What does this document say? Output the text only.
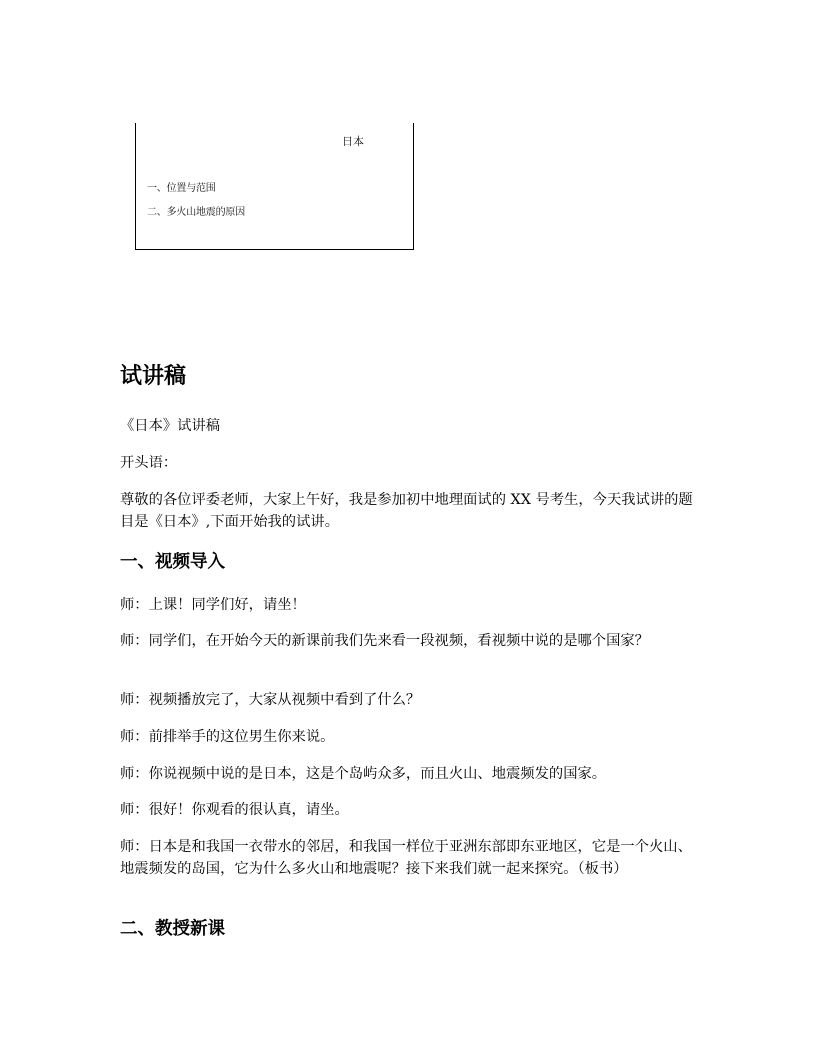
日本
一、位置与范围
二、多火山地震的原因
试讲稿

《日本》试讲稿

开头语：

尊敬的各位评委老师，大家上午好，我是参加初中地理面试的 XX 号考生，今天我试讲的题目是《日本》,下面开始我的试讲。

一、视频导入

师：上课！同学们好，请坐！

师：同学们，在开始今天的新课前我们先来看一段视频，看视频中说的是哪个国家？

师：视频播放完了，大家从视频中看到了什么？

师：前排举手的这位男生你来说。

师：你说视频中说的是日本，这是个岛屿众多，而且火山、地震频发的国家。

师：很好！你观看的很认真，请坐。

师：日本是和我国一衣带水的邻居，和我国一样位于亚洲东部即东亚地区，它是一个火山、地震频发的岛国，它为什么多火山和地震呢？接下来我们就一起来探究。（板书）

二、教授新课
